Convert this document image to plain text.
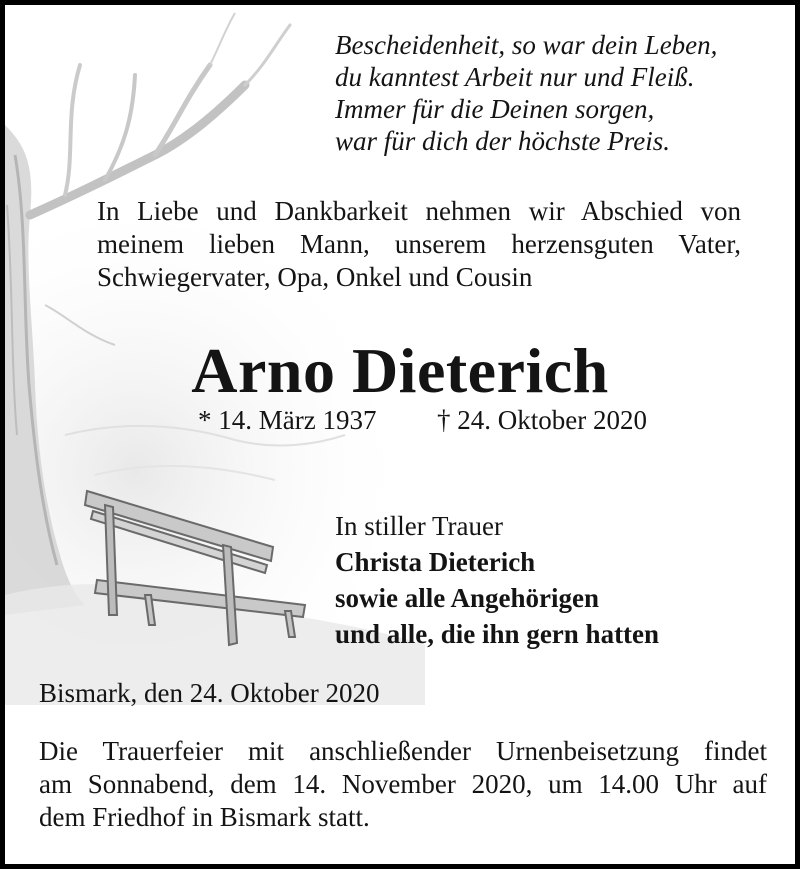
Bescheidenheit, so war dein Leben,
du kanntest Arbeit nur und Fleiß.
Immer für die Deinen sorgen,
war für dich der höchste Preis.
In Liebe und Dankbarkeit nehmen wir Abschied von
meinem lieben Mann, unserem herzensguten Vater,
Schwiegervater, Opa, Onkel und Cousin
Arno Dieterich
* 14. März 1937 † 24. Oktober 2020
In stiller Trauer
Christa Dieterich
sowie alle Angehörigen
und alle, die ihn gern hatten
Bismark, den 24. Oktober 2020
Die Trauerfeier mit anschließender Urnenbeisetzung findet
am Sonnabend, dem 14. November 2020, um 14.00 Uhr auf
dem Friedhof in Bismark statt.
